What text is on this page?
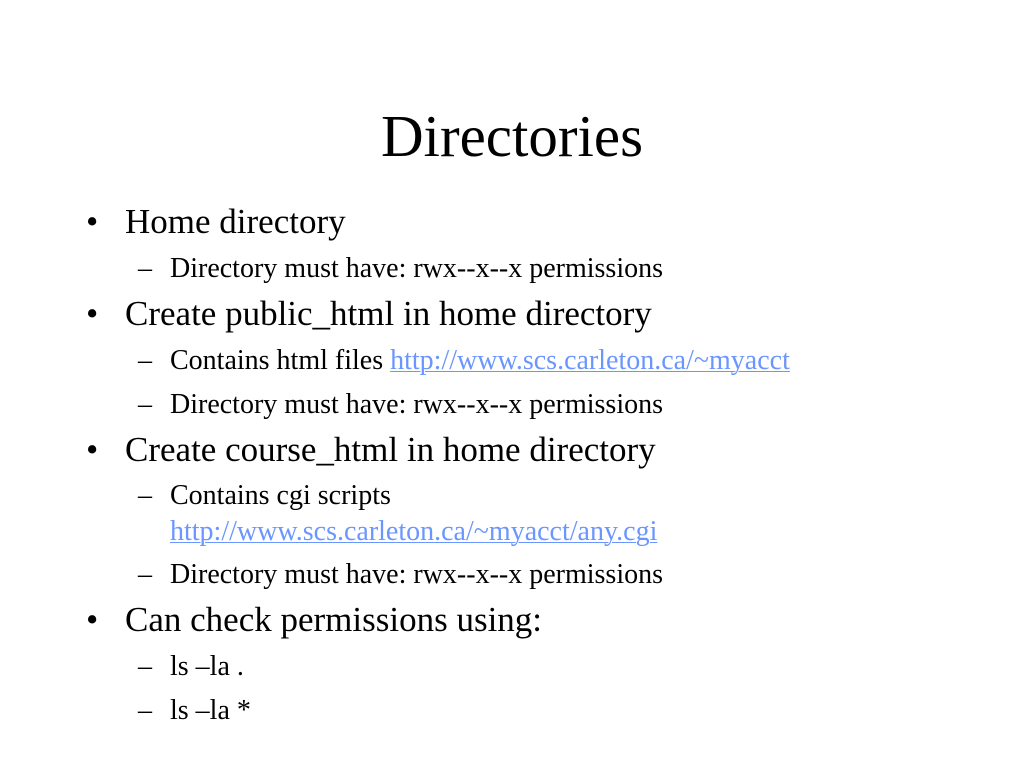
Directories
• Home directory
– Directory must have: rwx--x--x permissions
• Create public_html in home directory
– Contains html files http://www.scs.carleton.ca/~myacct
– Directory must have: rwx--x--x permissions
• Create course_html in home directory
– Contains cgi scripts
http://www.scs.carleton.ca/~myacct/any.cgi
– Directory must have: rwx--x--x permissions
• Can check permissions using:
– ls –la .
– ls –la *
